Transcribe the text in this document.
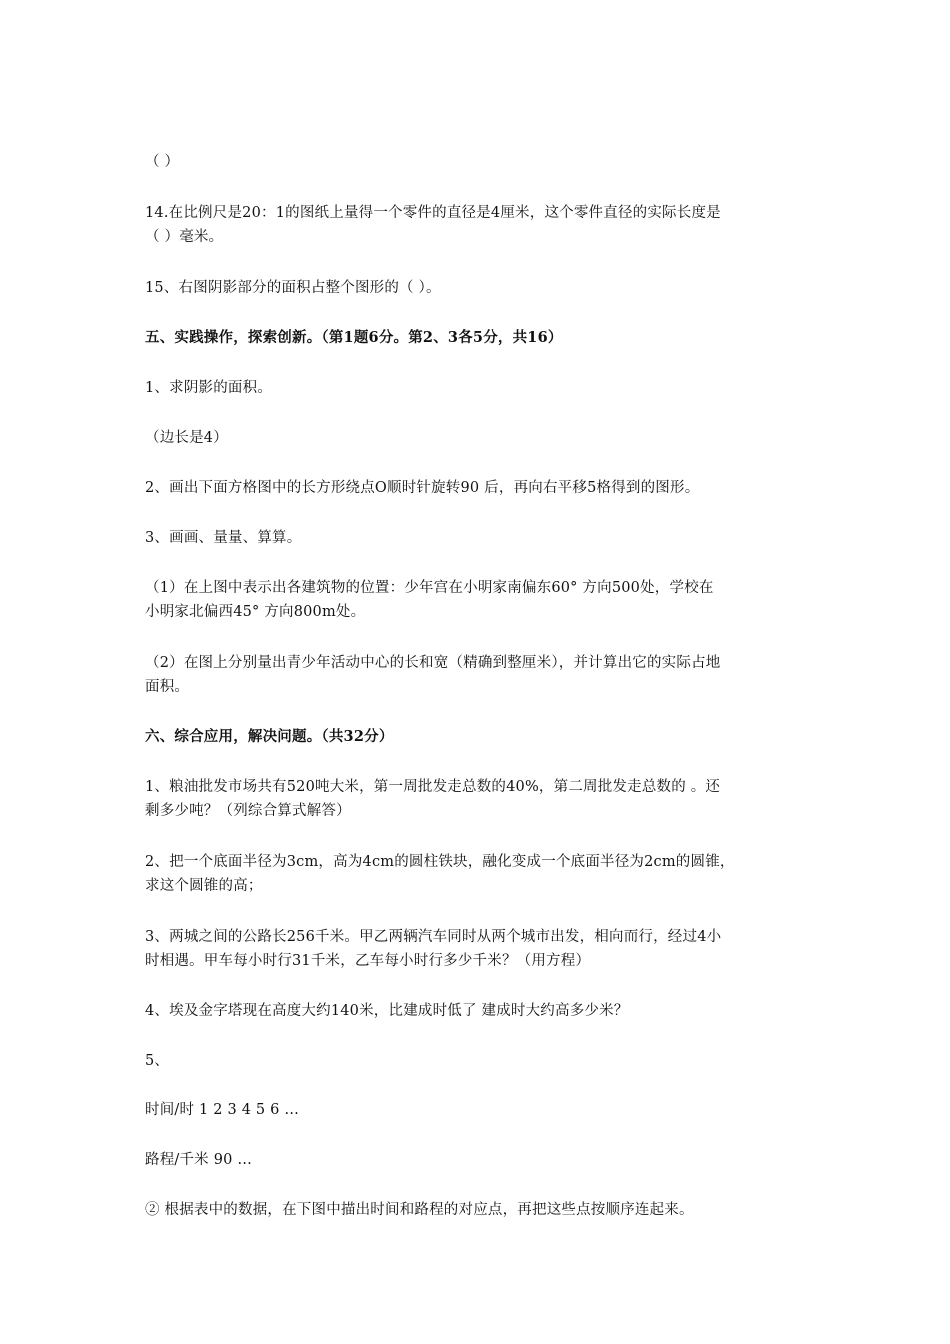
（ ）
14.在比例尺是20：1的图纸上量得一个零件的直径是4厘米，这个零件直径的实际长度是
（ ）毫米。
15、右图阴影部分的面积占整个图形的（ ）。
五、实践操作，探索创新。（第1题6分。第2、3各5分，共16）
1、求阴影的面积。
（边长是4）
2、画出下面方格图中的长方形绕点O顺时针旋转90 后，再向右平移5格得到的图形。
3、画画、量量、算算。
（1）在上图中表示出各建筑物的位置：少年宫在小明家南偏东60° 方向500处，学校在
小明家北偏西45° 方向800m处。
（2）在图上分别量出青少年活动中心的长和宽（精确到整厘米），并计算出它的实际占地
面积。
六、综合应用，解决问题。（共32分）
1、粮油批发市场共有520吨大米，第一周批发走总数的40%，第二周批发走总数的 。还
剩多少吨？（列综合算式解答）
2、把一个底面半径为3cm，高为4cm的圆柱铁块，融化变成一个底面半径为2cm的圆锥，
求这个圆锥的高；
3、两城之间的公路长256千米。甲乙两辆汽车同时从两个城市出发，相向而行，经过4小
时相遇。甲车每小时行31千米，乙车每小时行多少千米？（用方程）
4、埃及金字塔现在高度大约140米，比建成时低了 建成时大约高多少米？
5、
时间/时 1 2 3 4 5 6 …
路程/千米 90 …
② 根据表中的数据，在下图中描出时间和路程的对应点，再把这些点按顺序连起来。
